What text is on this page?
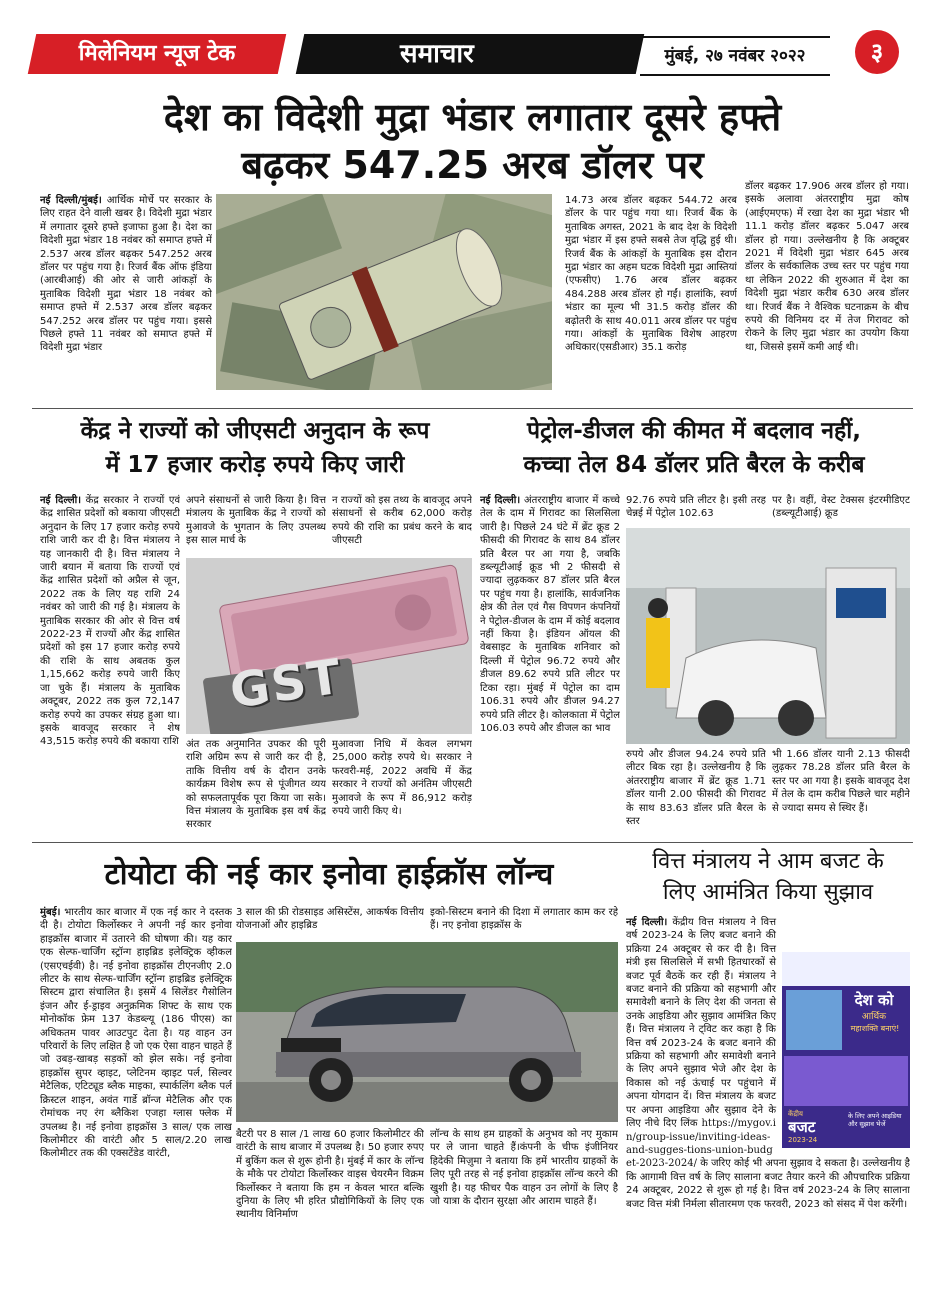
मिलेनियम न्यूज टेक	समाचार	मुंबई, २७ नवंबर २०२२	३

देश का विदेशी मुद्रा भंडार लगातार दूसरे हफ्ते

बढ़कर 547.25 अरब डॉलर पर

नई दिल्ली/मुंबई। आर्थिक मोर्चे पर सरकार के लिए राहत देने वाली खबर है। विदेशी मुद्रा भंडार में लगातार दूसरे हफ्ते इजाफा हुआ है। देश का विदेशी मुद्रा भंडार 18 नवंबर को समाप्त हफ्ते में 2.537 अरब डॉलर बढ़कर 547.252 अरब डॉलर पर पहुंच गया है। रिजर्व बैंक ऑफ इंडिया (आरबीआई) की ओर से जारी आंकड़ों के मुताबिक विदेशी मुद्रा भंडार 18 नवंबर को समाप्त हफ्ते में 2.537 अरब डॉलर बढ़कर 547.252 अरब डॉलर पर पहुंच गया। इससे पिछले हफ्ते 11 नवंबर को समाप्त हफ्ते में विदेशी मुद्रा भंडार

14.73 अरब डॉलर बढ़कर 544.72 अरब डॉलर के पार पहुंच गया था। रिजर्व बैंक के मुताबिक अगस्त, 2021 के बाद देश के विदेशी मुद्रा भंडार में इस हफ्ते सबसे तेज वृद्धि हुई थी। रिजर्व बैंक के आंकड़ों के मुताबिक इस दौरान मुद्रा भंडार का अहम घटक विदेशी मुद्रा आस्तियां (एफसीए) 1.76 अरब डॉलर बढ़कर 484.288 अरब डॉलर हो गईं। हालांकि, स्वर्ण भंडार का मूल्य भी 31.5 करोड़ डॉलर की बढ़ोतरी के साथ 40.011 अरब डॉलर पर पहुंच गया। आंकड़ों के मुताबिक विशेष आहरण अधिकार(एसडीआर) 35.1 करोड़

डॉलर बढ़कर 17.906 अरब डॉलर हो गया। इसके अलावा अंतरराष्ट्रीय मुद्रा कोष (आईएमएफ) में रखा देश का मुद्रा भंडार भी 11.1 करोड़ डॉलर बढ़कर 5.047 अरब डॉलर हो गया। उल्लेखनीय है कि अक्टूबर 2021 में विदेशी मुद्रा भंडार 645 अरब डॉलर के सर्वकालिक उच्च स्तर पर पहुंच गया था लेकिन 2022 की शुरुआत में देश का विदेशी मुद्रा भंडार करीब 630 अरब डॉलर था। रिजर्व बैंक ने वैश्विक घटनाक्रम के बीच रुपये की विनिमय दर में तेज गिरावट को रोकने के लिए मुद्रा भंडार का उपयोग किया था, जिससे इसमें कमी आई थी।

केंद्र ने राज्यों को जीएसटी अनुदान के रूप

में 17 हजार करोड़ रुपये किए जारी

नई दिल्ली। केंद्र सरकार ने राज्यों एवं केंद्र शासित प्रदेशों को बकाया जीएसटी अनुदान के लिए 17 हजार करोड़ रुपये राशि जारी कर दी है। वित्त मंत्रालय ने यह जानकारी दी है। वित्त मंत्रालय ने जारी बयान में बताया कि राज्यों एवं केंद्र शासित प्रदेशों को अप्रैल से जून, 2022 तक के लिए यह राशि 24 नवंबर को जारी की गई है। मंत्रालय के मुताबिक सरकार की ओर से वित्त वर्ष 2022-23 में राज्यों और केंद्र शासित प्रदेशों को इस 17 हजार करोड़ रुपये की राशि के साथ अबतक कुल 1,15,662 करोड़ रुपये जारी किए जा चुके हैं। मंत्रालय के मुताबिक अक्टूबर, 2022 तक कुल 72,147 करोड़ रुपये का उपकर संग्रह हुआ था। इसके बावजूद सरकार ने शेष 43,515 करोड़ रुपये की बकाया राशि

अपने संसाधनों से जारी किया है। वित्त मंत्रालय के मुताबिक केंद्र ने राज्यों को मुआवजे के भुगतान के लिए उपलब्ध इस साल मार्च के

न राज्यों को इस तथ्य के बावजूद अपने संसाधनों से करीब 62,000 करोड़ रुपये की राशि का प्रबंध करने के बाद जीएसटी

GST

अंत तक अनुमानित उपकर की पूरी राशि अग्रिम रूप से जारी कर दी है, ताकि वित्तीय वर्ष के दौरान उनके कार्यक्रम विशेष रूप से पूंजीगत व्यय को सफलतापूर्वक पूरा किया जा सके। वित्त मंत्रालय के मुताबिक इस वर्ष केंद्र सरकार

मुआवजा निधि में केवल लगभग 25,000 करोड़ रुपये थे। सरकार ने फरवरी-मई, 2022 अवधि में केंद्र सरकार ने राज्यों को अनंतिम जीएसटी मुआवजे के रूप में 86,912 करोड़ रुपये जारी किए थे।

पेट्रोल-डीजल की कीमत में बदलाव नहीं,

कच्चा तेल 84 डॉलर प्रति बैरल के करीब

नई दिल्ली। अंतरराष्ट्रीय बाजार में कच्चे तेल के दाम में गिरावट का सिलसिला जारी है। पिछले 24 घंटे में ब्रेंट क्रूड 2 फीसदी की गिरावट के साथ 84 डॉलर प्रति बैरल पर आ गया है, जबकि डब्ल्यूटीआई क्रूड भी 2 फीसदी से ज्यादा लुढ़ककर 87 डॉलर प्रति बैरल पर पहुंच गया है। हालांकि, सार्वजनिक क्षेत्र की तेल एवं गैस विपणन कंपनियों ने पेट्रोल-डीजल के दाम में कोई बदलाव नहीं किया है। इंडियन ऑयल की वेबसाइट के मुताबिक शनिवार को दिल्ली में पेट्रोल 96.72 रुपये और डीजल 89.62 रुपये प्रति लीटर पर टिका रहा। मुंबई में पेट्रोल का दाम 106.31 रुपये और डीजल 94.27 रुपये प्रति लीटर है। कोलकाता में पेट्रोल 106.03 रुपये और डीजल का भाव

92.76 रुपये प्रति लीटर है। इसी तरह चेन्नई में पेट्रोल 102.63

पर है। वहीं, वेस्ट टेक्सस इंटरमीडिएट (डब्ल्यूटीआई) क्रूड

रुपये और डीजल 94.24 रुपये प्रति लीटर बिक रहा है। उल्लेखनीय है कि अंतरराष्ट्रीय बाजार में ब्रेंट क्रूड 1.71 डॉलर यानी 2.00 फीसदी की गिरावट के साथ 83.63 डॉलर प्रति बैरल के स्तर

भी 1.66 डॉलर यानी 2.13 फीसदी लुढ़कर 78.28 डॉलर प्रति बैरल के स्तर पर आ गया है। इसके बावजूद देश में तेल के दाम करीब पिछले चार महीने से ज्यादा समय से स्थिर हैं।

टोयोटा की नई कार इनोवा हाईक्रॉस लॉन्च

मुंबई। भारतीय कार बाजार में एक नई कार ने दस्तक दी है। टोयोटा किर्लोस्कर ने अपनी नई कार इनोवा हाइक्रॉस बाजार में उतारने की घोषणा की। यह कार एक सेल्फ-चार्जिंग स्ट्रॉन्ग हाइब्रिड इलेक्ट्रिक व्हीकल (एसएचईवी) है। नई इनोवा हाइक्रॉस टीएनजीए 2.0 लीटर के साथ सेल्फ-चार्जिंग स्ट्रॉन्ग हाइब्रिड इलेक्ट्रिक सिस्टम द्वारा संचालित है। इसमें 4 सिलेंडर गैसोलिन इंजन और ई-ड्राइव अनुक्रमिक शिफ्ट के साथ एक मोनोकॉक फ्रेम 137 केडब्ल्यू (186 पीएस) का अधिकतम पावर आउटपुट देता है। यह वाहन उन परिवारों के लिए लक्षित है जो एक ऐसा वाहन चाहते हैं जो उबड़-खाबड़ सड़कों को झेल सके। नई इनोवा हाइक्रॉस सुपर व्हाइट, प्लेटिनम व्हाइट पर्ल, सिल्वर मेटैलिक, एटिट्यूड ब्लैक माइका, स्पार्कलिंग ब्लैक पर्ल क्रिस्टल शाइन, अवंत गार्डे ब्रॉन्ज मेटैलिक और एक रोमांचक नए रंग ब्लैकिश एजहा ग्लास फ्लेक में उपलब्ध है। नई इनोवा हाइक्रॉस 3 साल/ एक लाख किलोमीटर की वारंटी और 5 साल/2.20 लाख किलोमीटर तक की एक्सटेंडेड वारंटी,

3 साल की फ्री रोडसाइड असिस्टेंस, आकर्षक वित्तीय योजनाओं और हाइब्रिड

इको-सिस्टम बनाने की दिशा में लगातार काम कर रहे हैं। नए इनोवा हाइक्रॉस के

बैटरी पर 8 साल /1 लाख 60 हजार किलोमीटर की वारंटी के साथ बाजार में उपलब्ध है। 50 हजार रुपए में बुकिंग कल से शुरू होनी है। मुंबई में कार के लॉन्च के मौके पर टोयोटा किर्लोस्कर वाइस चेयरमैन विक्रम किर्लोस्कर ने बताया कि हम न केवल भारत बल्कि दुनिया के लिए भी हरित प्रौद्योगिकियों के लिए एक स्थानीय विनिर्माण

लॉन्च के साथ हम ग्राहकों के अनुभव को नए मुकाम पर ले जाना चाहते हैं।कंपनी के चीफ इंजीनियर हिदेकी मिज़ुमा ने बताया कि हमें भारतीय ग्राहकों के लिए पूरी तरह से नई इनोवा हाइक्रॉस लॉन्च करने की खुशी है। यह फीचर पैक वाहन उन लोगों के लिए है जो यात्रा के दौरान सुरक्षा और आराम चाहते हैं।

वित्त मंत्रालय ने आम बजट के

लिए आमंत्रित किया सुझाव

देश को
आर्थिक
महाशक्ति बनाएं!
केंद्रीय
बजट
2023-24
के लिए अपने आइडिया और सुझाव भेजें

नई दिल्ली। केंद्रीय वित्त मंत्रालय ने वित्त वर्ष 2023-24 के लिए बजट बनाने की प्रक्रिया 24 अक्टूबर से कर दी है। वित्त मंत्री इस सिलसिले में सभी हितधारकों से बजट पूर्व बैठकें कर रही हैं। मंत्रालय ने बजट बनाने की प्रक्रिया को सहभागी और समावेशी बनाने के लिए देश की जनता से उनके आइडिया और सुझाव आमंत्रित किए हैं। वित्त मंत्रालय ने ट्विट कर कहा है कि वित्त वर्ष 2023-24 के बजट बनाने की प्रक्रिया को सहभागी और समावेशी बनाने के लिए अपने सुझाव भेजे और देश के विकास को नई ऊंचाई पर पहुंचाने में अपना योगदान दें। वित्त मंत्रालय के बजट पर अपना आइडिया और सुझाव देने के लिए नीचे दिए लिंक https://mygov.in/group-issue/inviting-ideas-and-sugges-tions-union-budget-2023-2024/ के जरिए कोई भी अपना सुझाव दे सकता है। उल्लेखनीय है कि आगामी वित्त वर्ष के लिए सालाना बजट तैयार करने की औपचारिक प्रक्रिया 24 अक्टूबर, 2022 से शुरू हो गई है। वित्त वर्ष 2023-24 के लिए सालाना बजट वित्त मंत्री निर्मला सीतारमण एक फरवरी, 2023 को संसद में पेश करेंगी।
